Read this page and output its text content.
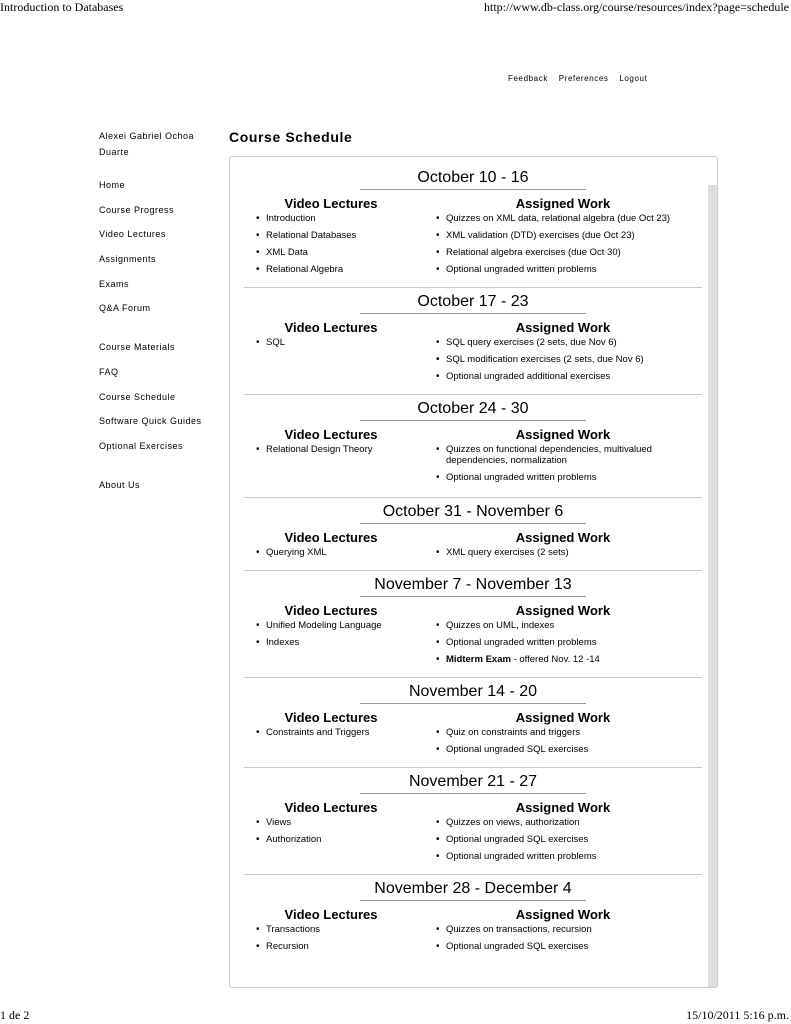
Introduction to Databases	http://www.db-class.org/course/resources/index?page=schedule
Feedback Preferences Logout
Alexei Gabriel Ochoa Duarte
Home
Course Progress
Video Lectures
Assignments
Exams
Q&A Forum
Course Materials
FAQ
Course Schedule
Software Quick Guides
Optional Exercises
About Us
Course Schedule
October 10 - 16
Video Lectures
• Introduction
• Relational Databases
• XML Data
• Relational Algebra
Assigned Work
• Quizzes on XML data, relational algebra (due Oct 23)
• XML validation (DTD) exercises (due Oct 23)
• Relational algebra exercises (due Oct 30)
• Optional ungraded written problems
October 17 - 23
Video Lectures
• SQL
Assigned Work
• SQL query exercises (2 sets, due Nov 6)
• SQL modification exercises (2 sets, due Nov 6)
• Optional ungraded additional exercises
October 24 - 30
Video Lectures
• Relational Design Theory
Assigned Work
• Quizzes on functional dependencies, multivalued dependencies, normalization
• Optional ungraded written problems
October 31 - November 6
Video Lectures
• Querying XML
Assigned Work
• XML query exercises (2 sets)
November 7 - November 13
Video Lectures
• Unified Modeling Language
• Indexes
Assigned Work
• Quizzes on UML, indexes
• Optional ungraded written problems
• Midterm Exam - offered Nov. 12 -14
November 14 - 20
Video Lectures
• Constraints and Triggers
Assigned Work
• Quiz on constraints and triggers
• Optional ungraded SQL exercises
November 21 - 27
Video Lectures
• Views
• Authorization
Assigned Work
• Quizzes on views, authorization
• Optional ungraded SQL exercises
• Optional ungraded written problems
November 28 - December 4
Video Lectures
• Transactions
• Recursion
Assigned Work
• Quizzes on transactions, recursion
• Optional ungraded SQL exercises
1 de 2	15/10/2011 5:16 p.m.
